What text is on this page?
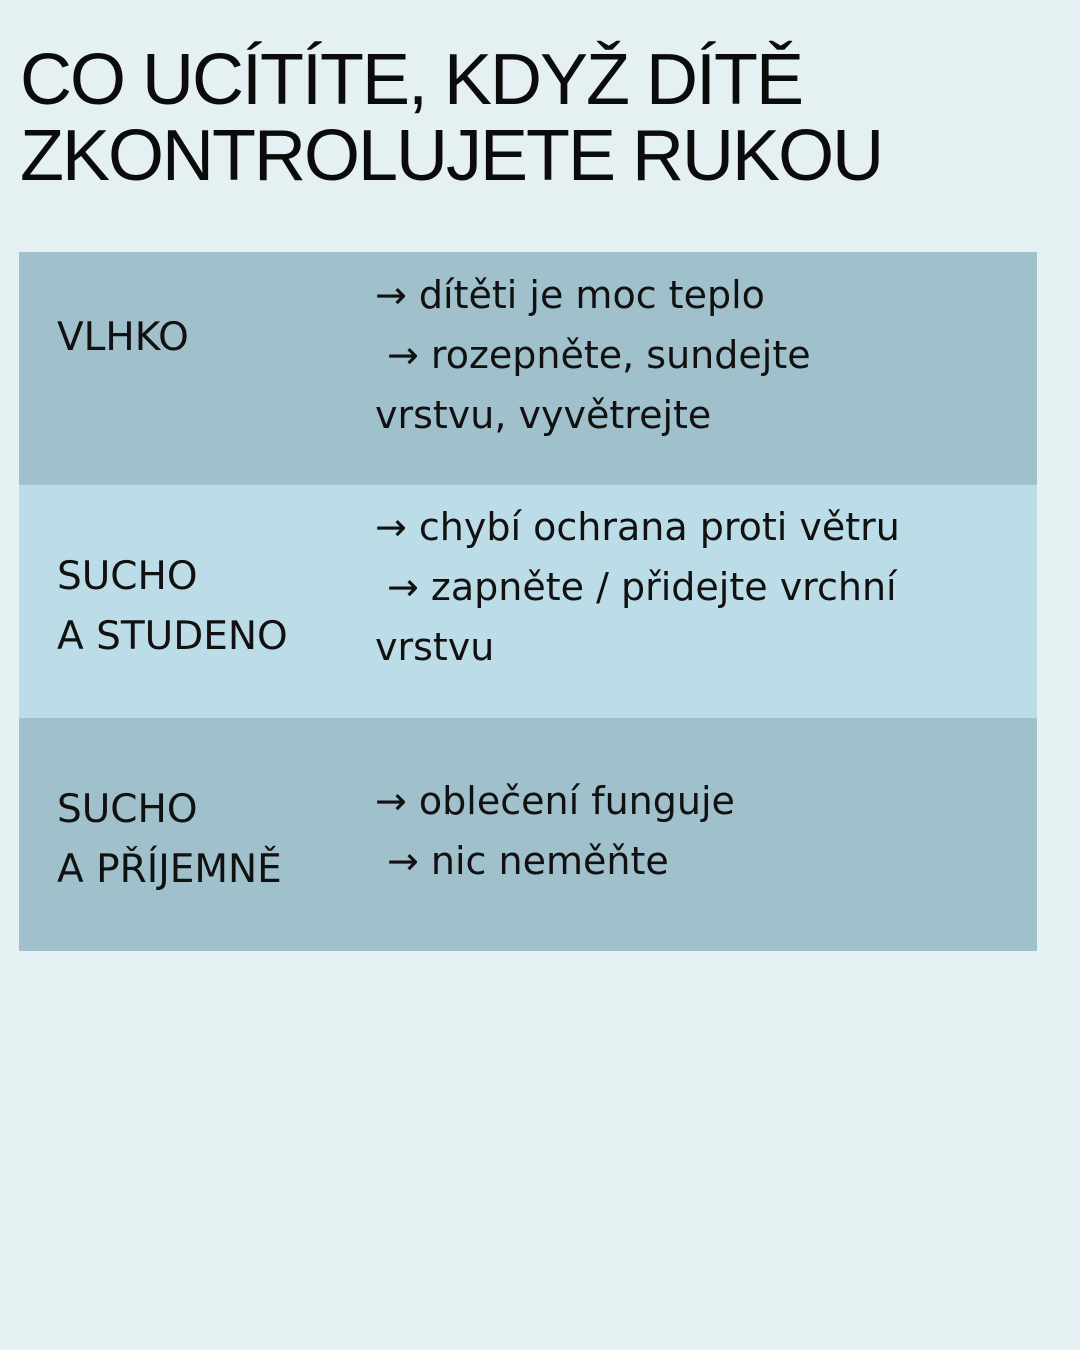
CO UCÍTÍTE, KDYŽ DÍTĚ
ZKONTROLUJETE RUKOU
VLHKO
→ dítěti je moc teplo
→ rozepněte, sundejte
vrstvu, vyvětrejte
SUCHO
A STUDENO
→ chybí ochrana proti větru
→ zapněte / přidejte vrchní
vrstvu
SUCHO
A PŘÍJEMNĚ
→ oblečení funguje
→ nic neměňte
